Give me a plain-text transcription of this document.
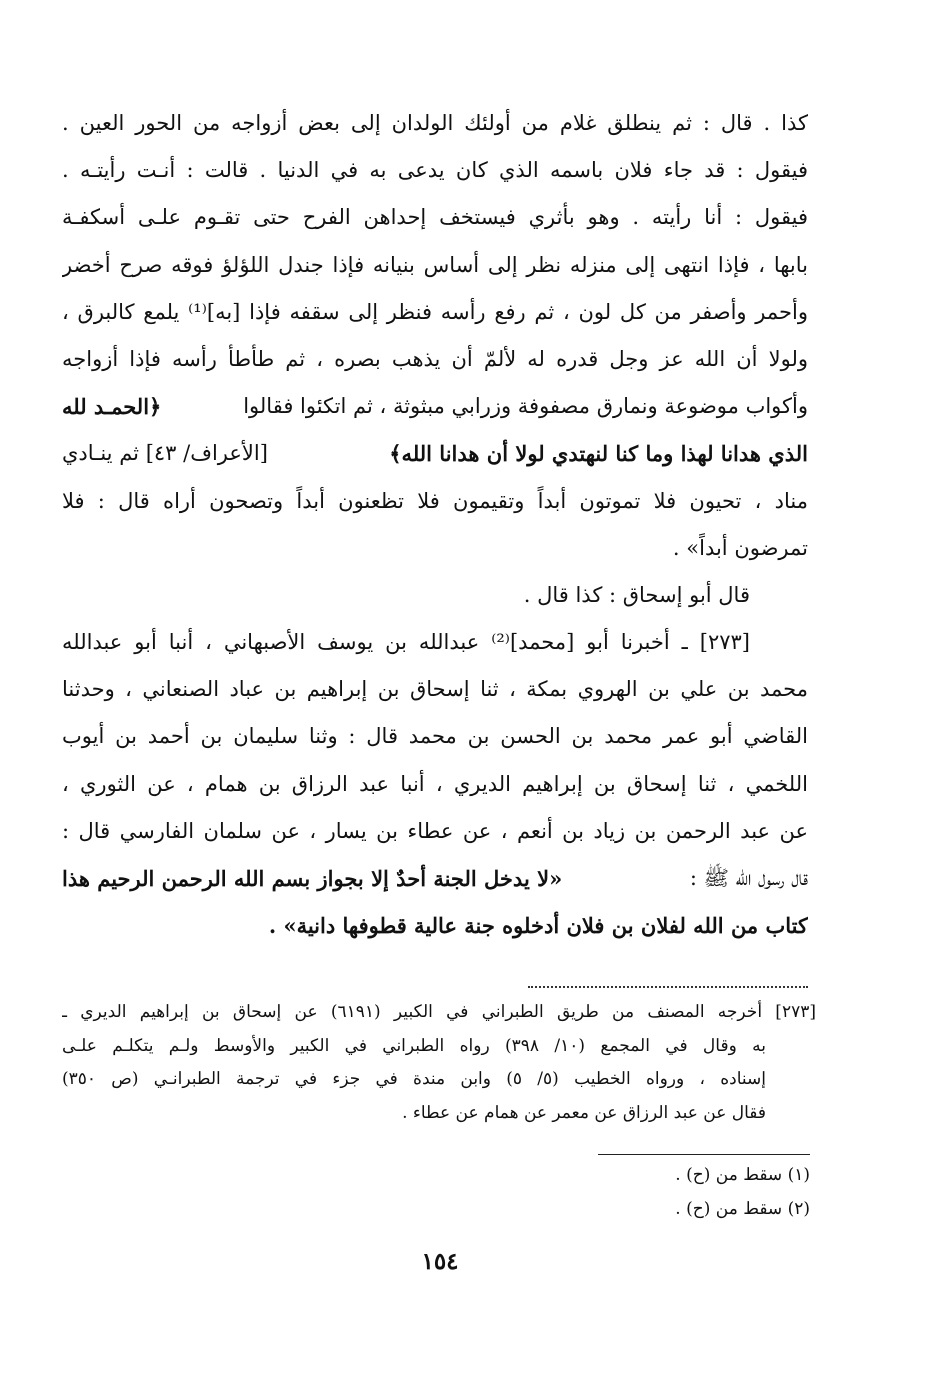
كذا . قال : ثم ينطلق غلام من أولئك الولدان إلى بعض أزواجه من الحور العين .
فيقول : قد جاء فلان باسمه الذي كان يدعى به في الدنيا . قالت : أنـت رأيتـه .
فيقول : أنا رأيته . وهو بأثري فيستخف إحداهن الفرح حتى تقـوم علـى أسكفـة
بابها ، فإذا انتهى إلى منزله نظر إلى أساس بنيانه فإذا جندل اللؤلؤ فوقه صرح أخضر
وأحمر وأصفر من كل لون ، ثم رفع رأسه فنظر إلى سقفه فإذا [به]⁽¹⁾ يلمع كالبرق ،
ولولا أن الله عز وجل قدره له لألمّ أن يذهب بصره ، ثم طأطأ رأسه فإذا أزواجه
وأكواب موضوعة ونمارق مصفوفة وزرابي مبثوثة ، ثم اتكئوا فقالوا
﴿الحمـد لله
الذي هدانا لهذا وما كنا لنهتدي لولا أن هدانا الله﴾
[الأعراف/ ٤٣] ثم ينـادي
مناد ، تحيون فلا تموتون أبداً وتقيمون فلا تظعنون أبداً وتصحون أراه قال : فلا
تمرضون أبداً» .
قال أبو إسحاق : كذا قال .
[٢٧٣] ـ أخبرنا أبو [محمد]⁽²⁾ عبدالله بن يوسف الأصبهاني ، أنبا أبو عبدالله
محمد بن علي بن الهروي بمكة ، ثنا إسحاق بن إبراهيم بن عباد الصنعاني ، وحدثنا
القاضي أبو عمر محمد بن الحسن بن محمد قال : وثنا سليمان بن أحمد بن أيوب
اللخمي ، ثنا إسحاق بن إبراهيم الديري ، أنبا عبد الرزاق بن همام ، عن الثوري ،
عن عبد الرحمن بن زياد بن أنعم ، عن عطاء بن يسار ، عن سلمان الفارسي قال :
قال رسول الله ﷺ :
«لا يدخل الجنة أحدٌ إلا بجواز بسم الله الرحمن الرحيم هذا
كتاب من الله لفلان بن فلان أدخلوه جنة عالية قطوفها دانية» .
[٢٧٣] أخرجه المصنف من طريق الطبراني في الكبير (٦١٩١) عن إسحاق بن إبراهيم الديري ـ
به وقال في المجمع (١٠/ ٣٩٨) رواه الطبراني في الكبير والأوسط ولـم يتكلـم علـى
إسناده ، ورواه الخطيب (٥/ ٥) وابن مندة في جزء في ترجمة الطبرانـي (ص ٣٥٠)
فقال عن عبد الرزاق عن معمر عن همام عن عطاء .
(١) سقط من (ح) .
(٢) سقط من (ح) .
١٥٤
